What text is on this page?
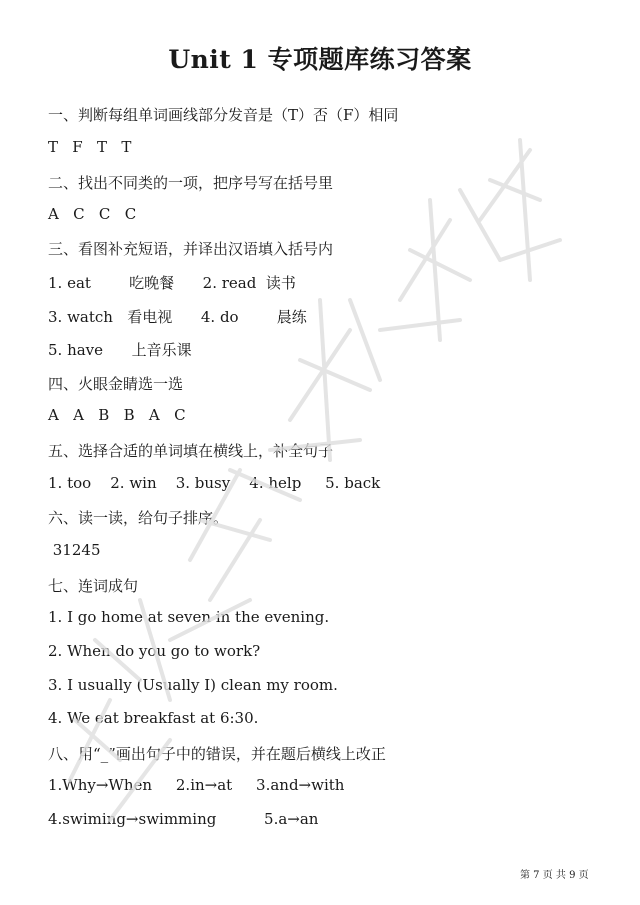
Unit 1 专项题库练习答案
一、判断每组单词画线部分发音是（T）否（F）相同
T   F   T   T
二、找出不同类的一项，把序号写在括号里
A   C   C   C
三、看图补充短语，并译出汉语填入括号内
1. eat        吃晚餐      2. read  读书
3. watch   看电视      4. do        晨练
5. have      上音乐课
四、火眼金睛选一选
A   A   B   B   A   C
五、选择合适的单词填在横线上，补全句子
1. too    2. win    3. busy    4. help     5. back
六、读一读，给句子排序。
31245
七、连词成句
1. I go home at seven in the evening.
2. When do you go to work?
3. I usually (Usually I) clean my room.
4. We eat breakfast at 6:30.
八、用“_”画出句子中的错误，并在题后横线上改正
1.Why→When     2.in→at     3.and→with
4.swiming→swimming          5.a→an
第 7 页 共 9 页
